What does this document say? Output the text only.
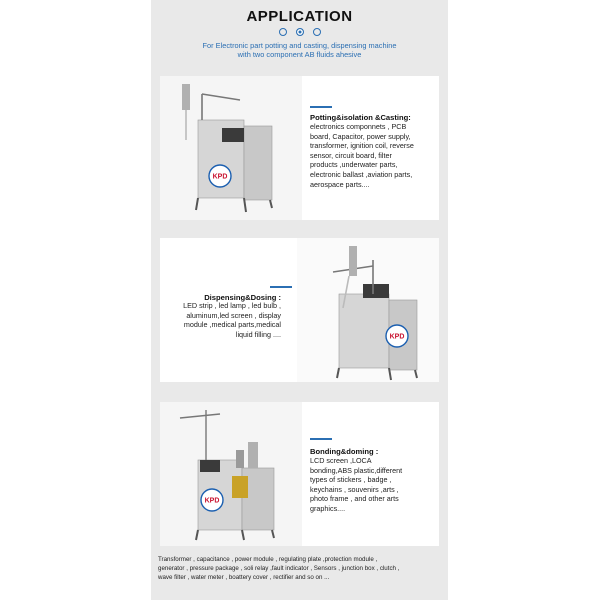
APPLICATION
For Electronic part potting and casting, dispensing machine
with two component AB fluids ahesive
KPD
Potting&isolation &Casting:
electronics componnets , PCB
board, Capacitor, power supply,
transformer, ignition coil, reverse
sensor, circuit board, filter
products ,underwater parts,
electronic ballast ,aviation parts,
aerospace parts....
Dispensing&Dosing :
LED strip , led lamp , led bulb ,
aluminum,led screen , display
module ,medical parts,medical
liquid filling ....	KPD
KPD
Bonding&doming :
LCD screen ,LOCA
bonding,ABS plastic,different
types of stickers , badge ,
keychains , souvenirs ,arts ,
photo frame , and other arts
graphics....
Transformer , capacitance , power module , regulating plate ,protection module ,
generator , pressure package , soli relay ,fault indicator , Sensors , junction box , clutch ,
wave filter , water meter , boattery cover , rectifier and so on ...
